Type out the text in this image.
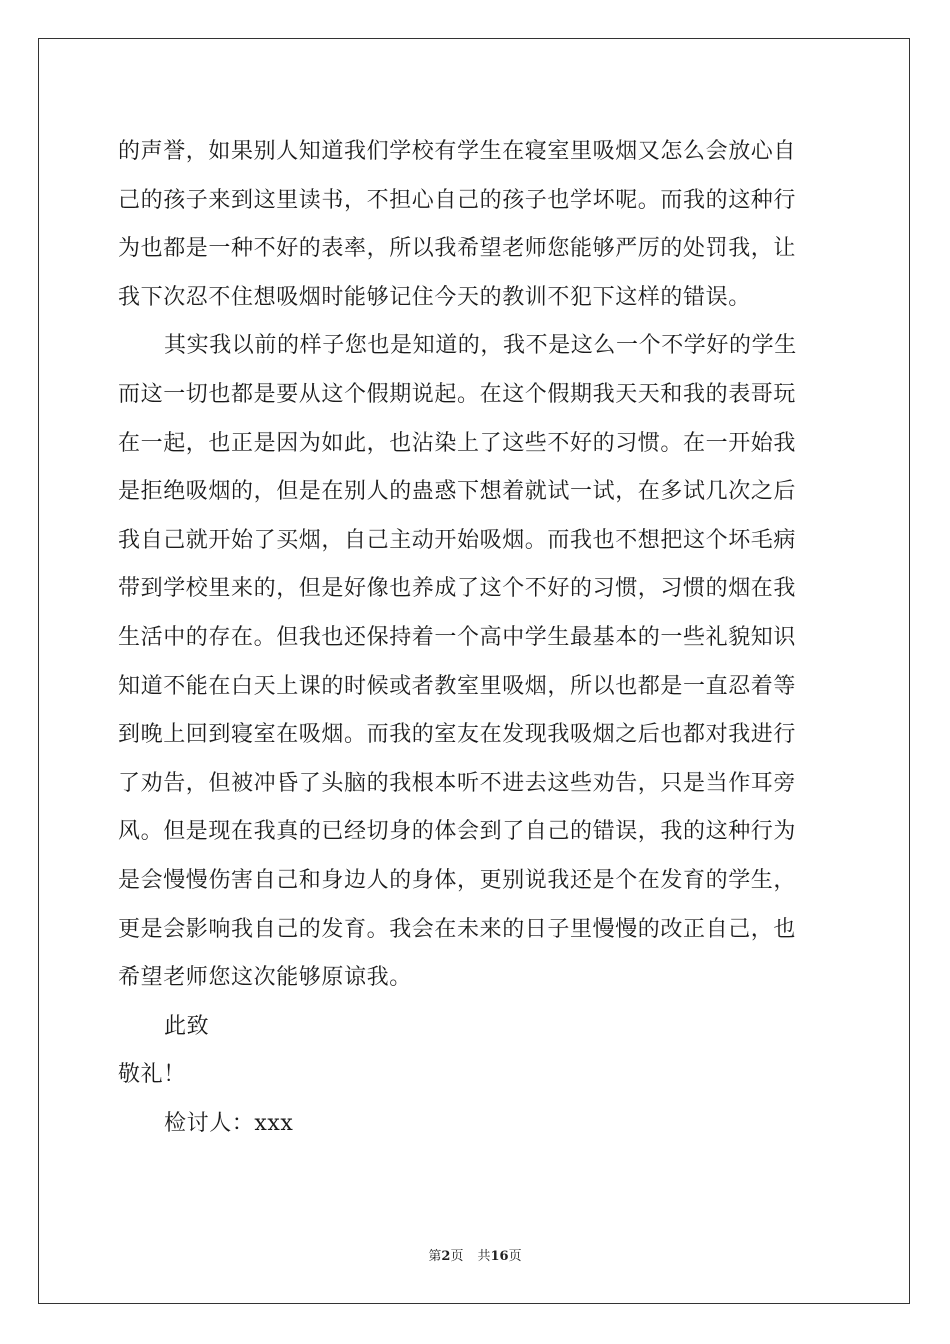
的声誉，如果别人知道我们学校有学生在寝室里吸烟又怎么会放心自
己的孩子来到这里读书，不担心自己的孩子也学坏呢。而我的这种行
为也都是一种不好的表率，所以我希望老师您能够严厉的处罚我，让
我下次忍不住想吸烟时能够记住今天的教训不犯下这样的错误。
其实我以前的样子您也是知道的，我不是这么一个不学好的学生
而这一切也都是要从这个假期说起。在这个假期我天天和我的表哥玩
在一起，也正是因为如此，也沾染上了这些不好的习惯。在一开始我
是拒绝吸烟的，但是在别人的蛊惑下想着就试一试，在多试几次之后
我自己就开始了买烟，自己主动开始吸烟。而我也不想把这个坏毛病
带到学校里来的，但是好像也养成了这个不好的习惯，习惯的烟在我
生活中的存在。但我也还保持着一个高中学生最基本的一些礼貌知识
知道不能在白天上课的时候或者教室里吸烟，所以也都是一直忍着等
到晚上回到寝室在吸烟。而我的室友在发现我吸烟之后也都对我进行
了劝告，但被冲昏了头脑的我根本听不进去这些劝告，只是当作耳旁
风。但是现在我真的已经切身的体会到了自己的错误，我的这种行为
是会慢慢伤害自己和身边人的身体，更别说我还是个在发育的学生，
更是会影响我自己的发育。我会在未来的日子里慢慢的改正自己，也
希望老师您这次能够原谅我。
此致
敬礼！
检讨人：xxx
第2页 共16页
